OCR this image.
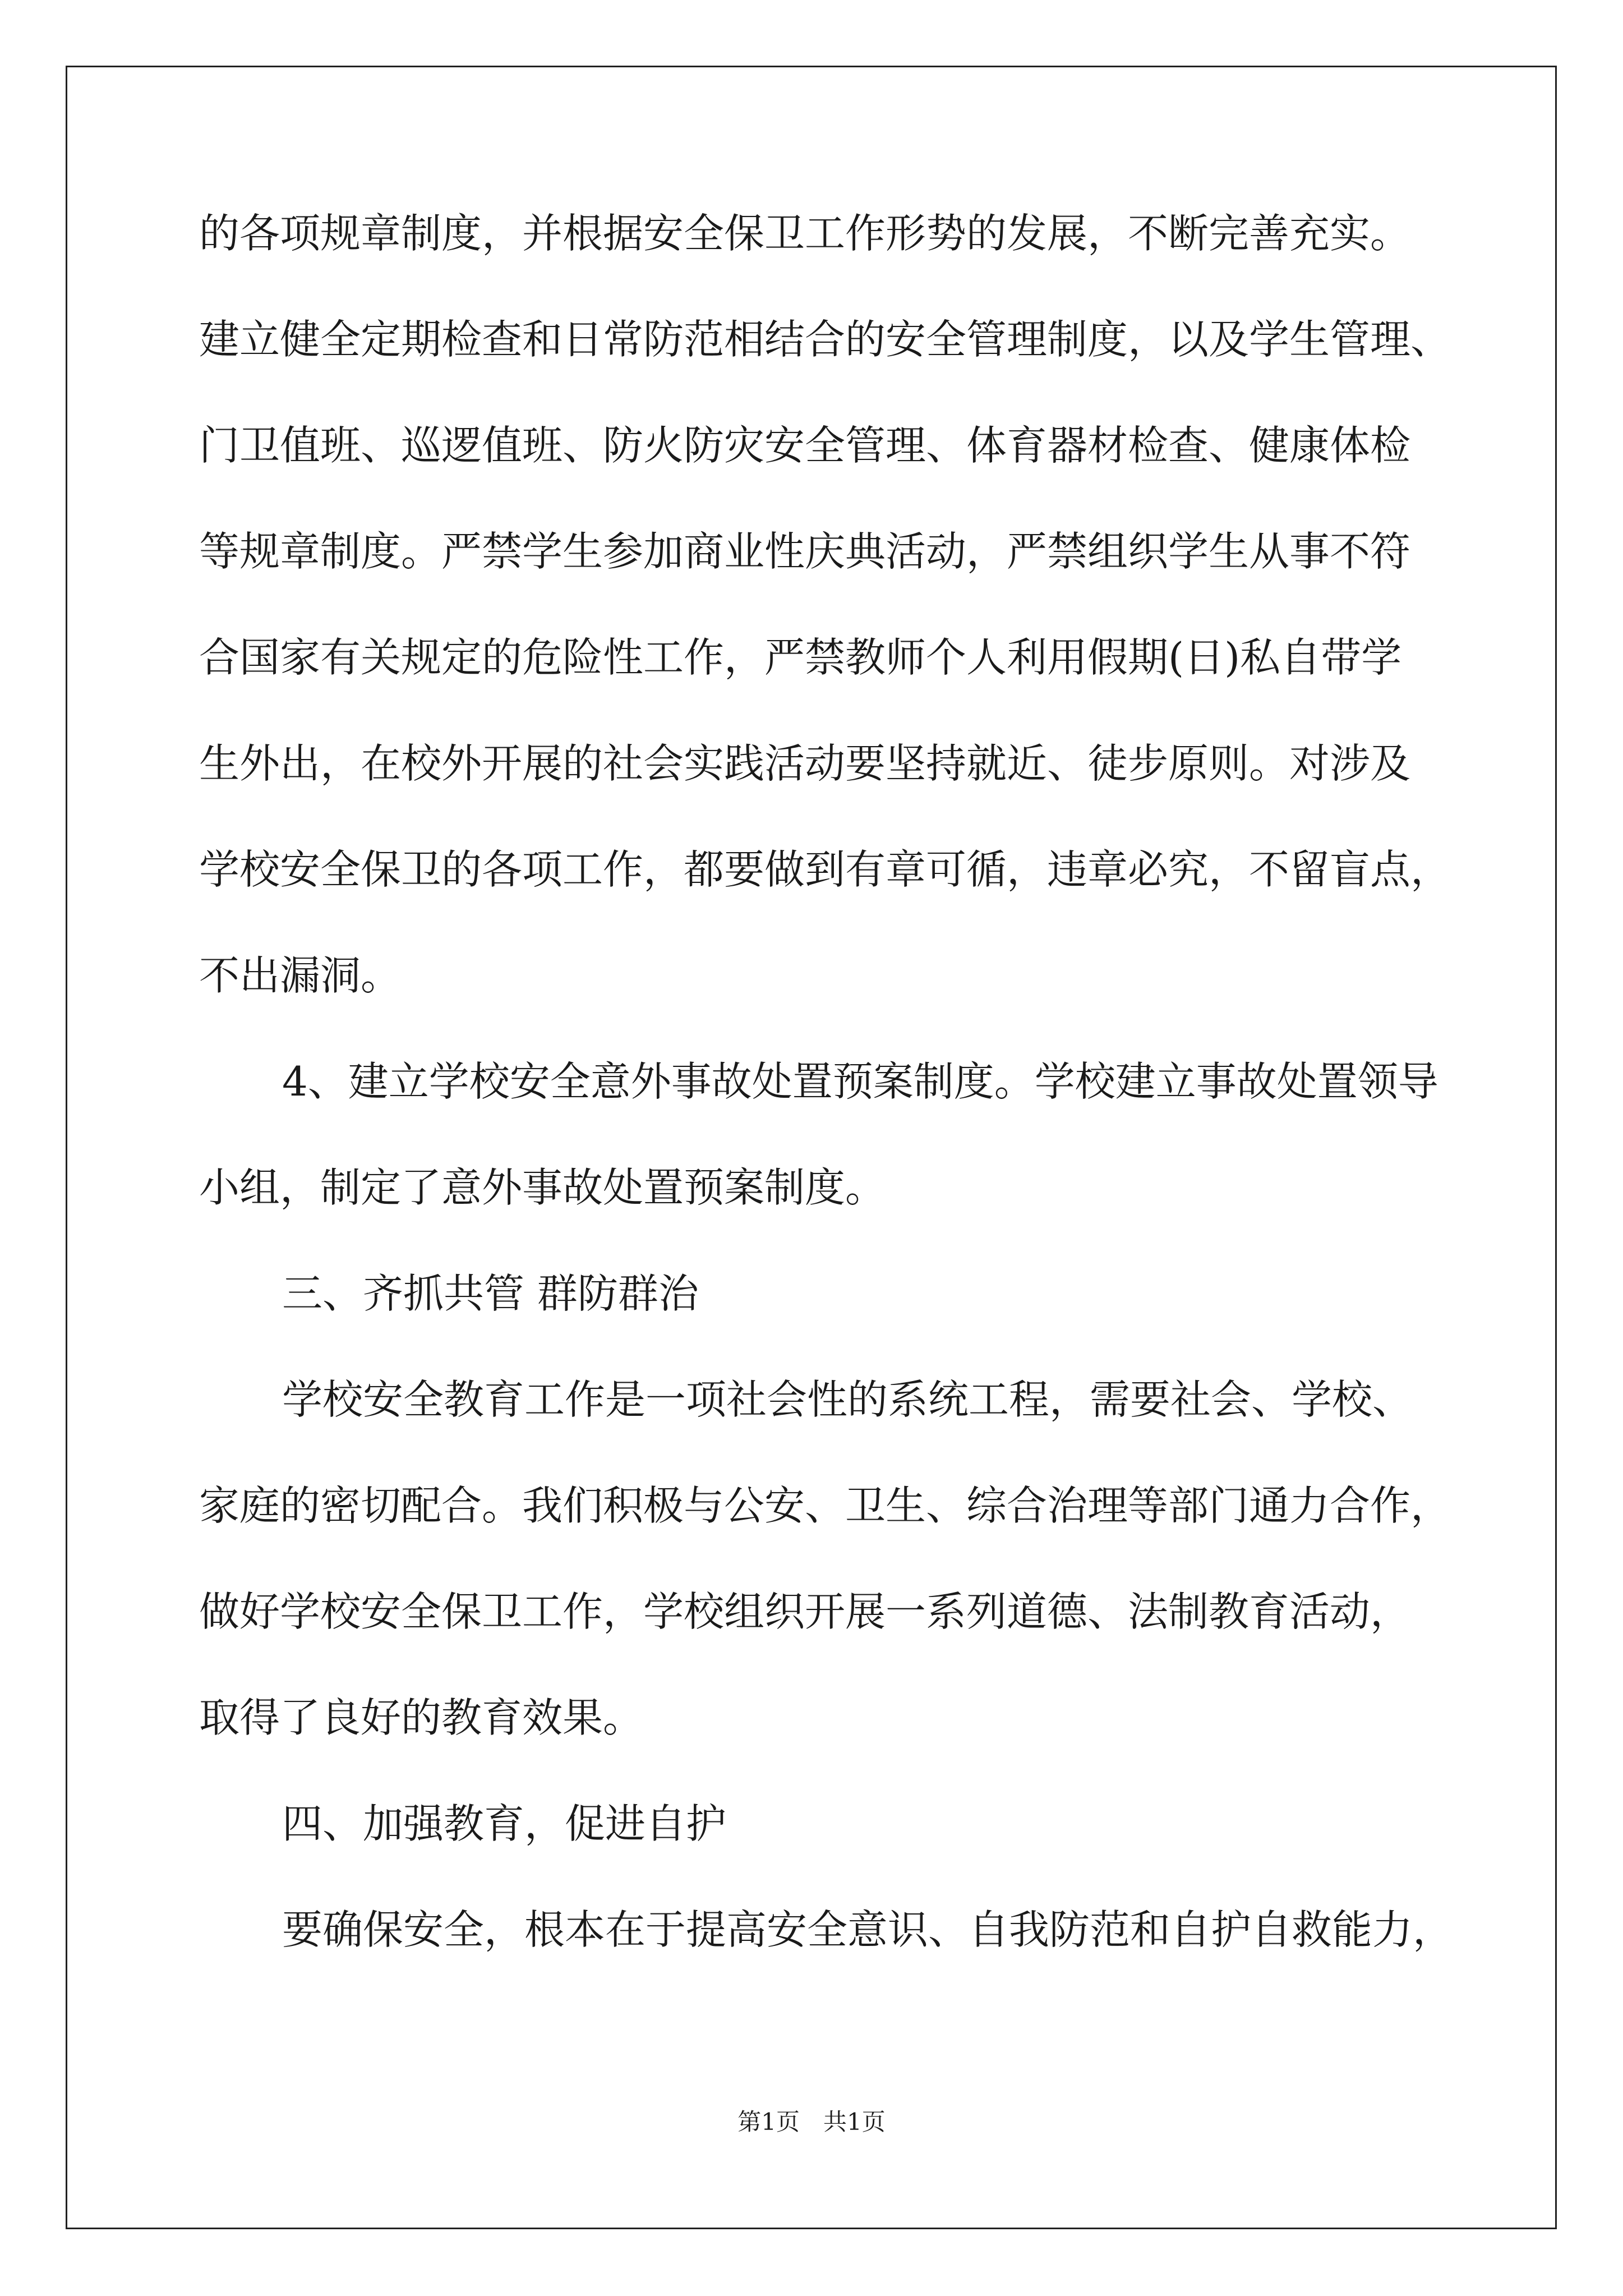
的各项规章制度，并根据安全保卫工作形势的发展，不断完善充实。
建立健全定期检查和日常防范相结合的安全管理制度，以及学生管理、
门卫值班、巡逻值班、防火防灾安全管理、体育器材检查、健康体检
等规章制度。严禁学生参加商业性庆典活动，严禁组织学生从事不符
合国家有关规定的危险性工作，严禁教师个人利用假期(日)私自带学
生外出，在校外开展的社会实践活动要坚持就近、徒步原则。对涉及
学校安全保卫的各项工作，都要做到有章可循，违章必究，不留盲点，
不出漏洞。
4、建立学校安全意外事故处置预案制度。学校建立事故处置领导
小组，制定了意外事故处置预案制度。
三、齐抓共管 群防群治
学校安全教育工作是一项社会性的系统工程，需要社会、学校、
家庭的密切配合。我们积极与公安、卫生、综合治理等部门通力合作，
做好学校安全保卫工作，学校组织开展一系列道德、法制教育活动，
取得了良好的教育效果。
四、加强教育，促进自护
要确保安全，根本在于提高安全意识、自我防范和自护自救能力，
第1页　共1页
